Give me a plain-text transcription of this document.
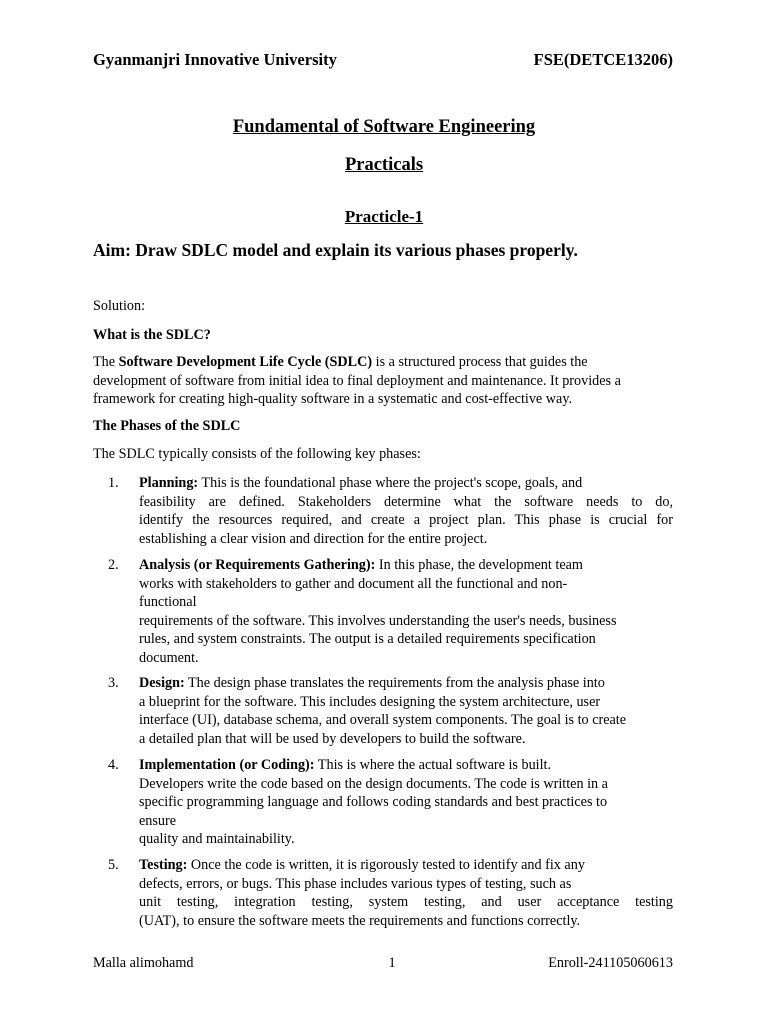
Gyanmanjri Innovative University	FSE(DETCE13206)
Fundamental of Software Engineering
Practicals
Practicle-1
Aim: Draw SDLC model and explain its various phases properly.
Solution:
What is the SDLC?
The Software Development Life Cycle (SDLC) is a structured process that guides the
development of software from initial idea to final deployment and maintenance. It provides a
framework for creating high-quality software in a systematic and cost-effective way.
The Phases of the SDLC
The SDLC typically consists of the following key phases:
1. Planning: This is the foundational phase where the project's scope, goals, and
feasibility are defined. Stakeholders determine what the software needs to do,
identify the resources required, and create a project plan. This phase is crucial for
establishing a clear vision and direction for the entire project.
2. Analysis (or Requirements Gathering): In this phase, the development team
works with stakeholders to gather and document all the functional and non-
functional
requirements of the software. This involves understanding the user's needs, business
rules, and system constraints. The output is a detailed requirements specification
document.
3. Design: The design phase translates the requirements from the analysis phase into
a blueprint for the software. This includes designing the system architecture, user
interface (UI), database schema, and overall system components. The goal is to create
a detailed plan that will be used by developers to build the software.
4. Implementation (or Coding): This is where the actual software is built.
Developers write the code based on the design documents. The code is written in a
specific programming language and follows coding standards and best practices to
ensure
quality and maintainability.
5. Testing: Once the code is written, it is rigorously tested to identify and fix any
defects, errors, or bugs. This phase includes various types of testing, such as
unit testing, integration testing, system testing, and user acceptance testing
(UAT), to ensure the software meets the requirements and functions correctly.
Malla alimohamd	1	Enroll-241105060613
